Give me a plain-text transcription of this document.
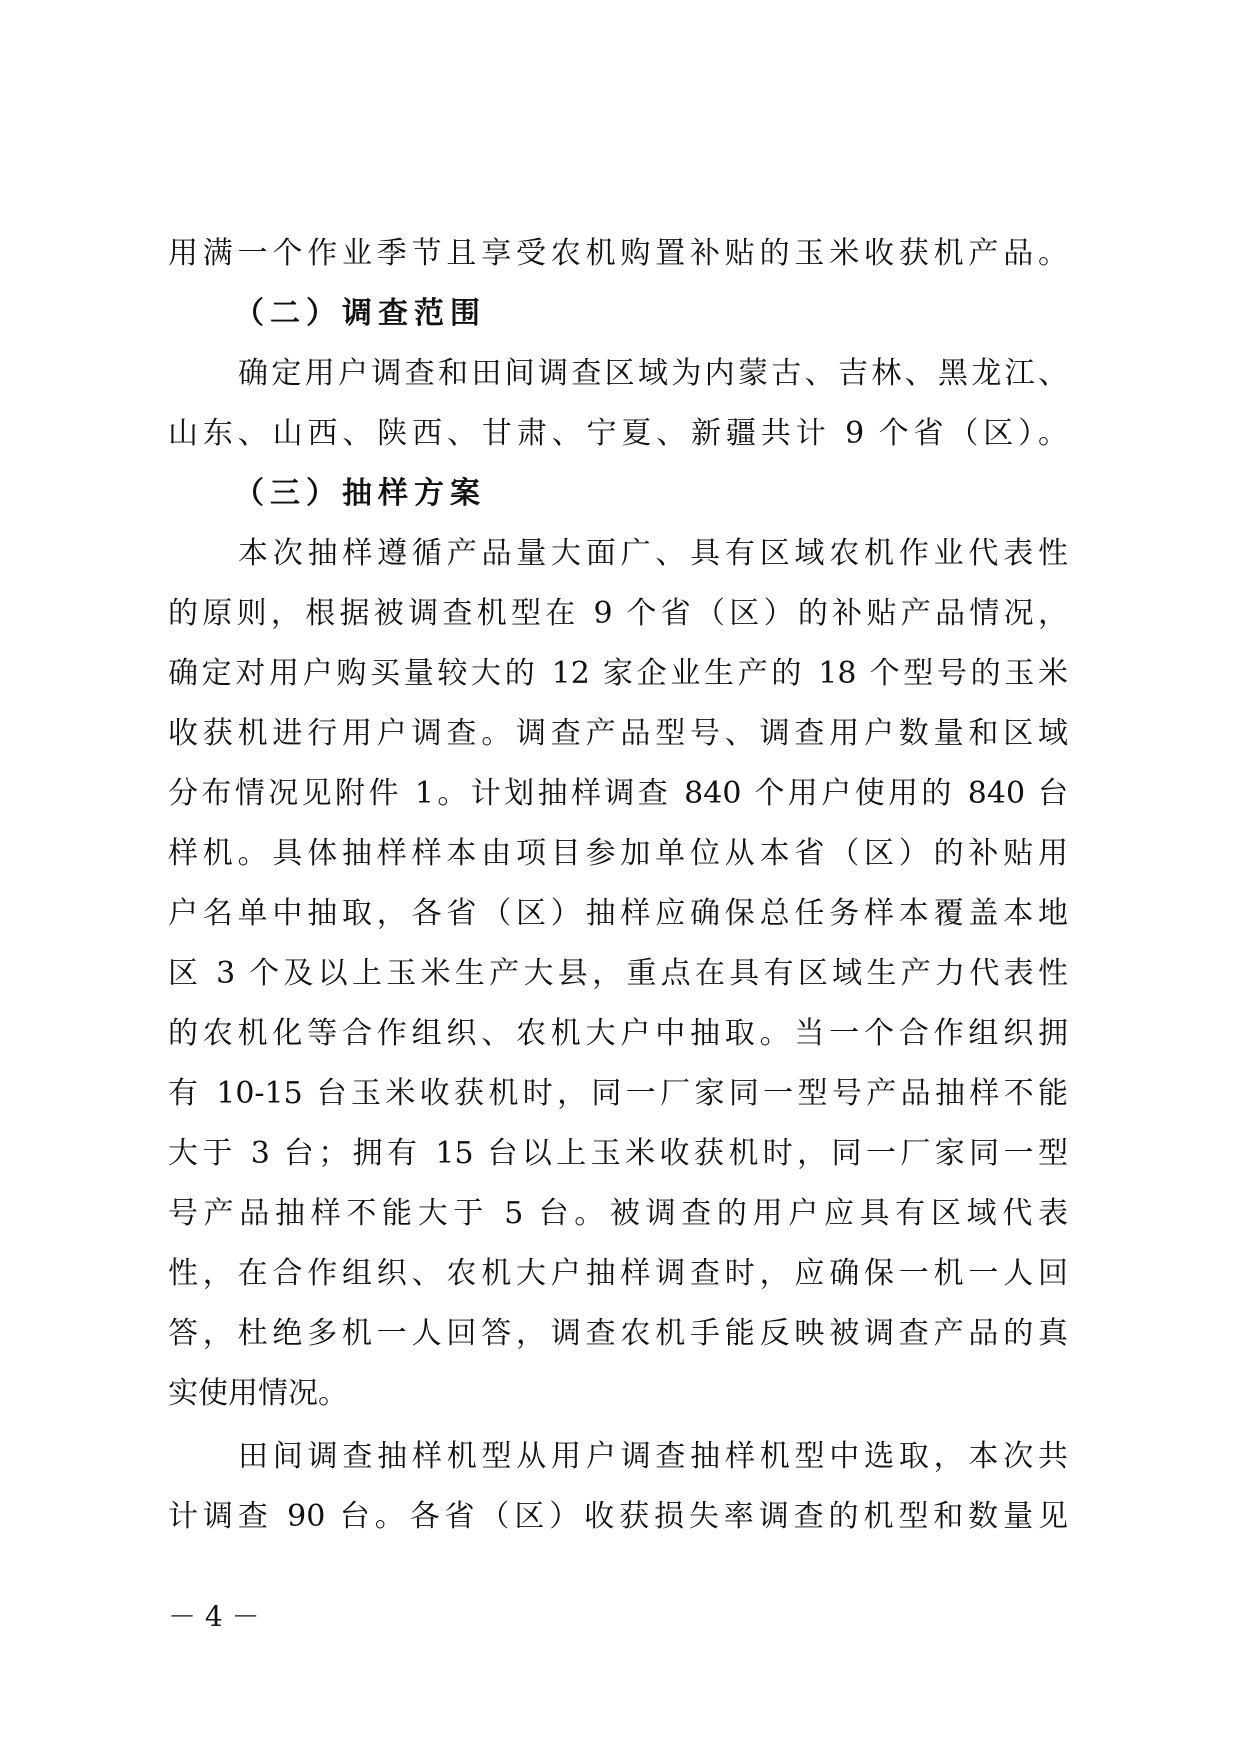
用满一个作业季节且享受农机购置补贴的玉米收获机产品。
（二）调查范围
确定用户调查和田间调查区域为内蒙古、吉林、黑龙江、
山东、山西、陕西、甘肃、宁夏、新疆共计 9 个省（区）。
（三）抽样方案
本次抽样遵循产品量大面广、具有区域农机作业代表性
的原则，根据被调查机型在 9 个省（区）的补贴产品情况，
确定对用户购买量较大的 12 家企业生产的 18 个型号的玉米
收获机进行用户调查。调查产品型号、调查用户数量和区域
分布情况见附件 1。计划抽样调查 840 个用户使用的 840 台
样机。具体抽样样本由项目参加单位从本省（区）的补贴用
户名单中抽取，各省（区）抽样应确保总任务样本覆盖本地
区 3 个及以上玉米生产大县，重点在具有区域生产力代表性
的农机化等合作组织、农机大户中抽取。当一个合作组织拥
有 10-15 台玉米收获机时，同一厂家同一型号产品抽样不能
大于 3 台；拥有 15 台以上玉米收获机时，同一厂家同一型
号产品抽样不能大于 5 台。被调查的用户应具有区域代表
性，在合作组织、农机大户抽样调查时，应确保一机一人回
答，杜绝多机一人回答，调查农机手能反映被调查产品的真
实使用情况。
田间调查抽样机型从用户调查抽样机型中选取，本次共
计调查 90 台。各省（区）收获损失率调查的机型和数量见
－ 4 －
